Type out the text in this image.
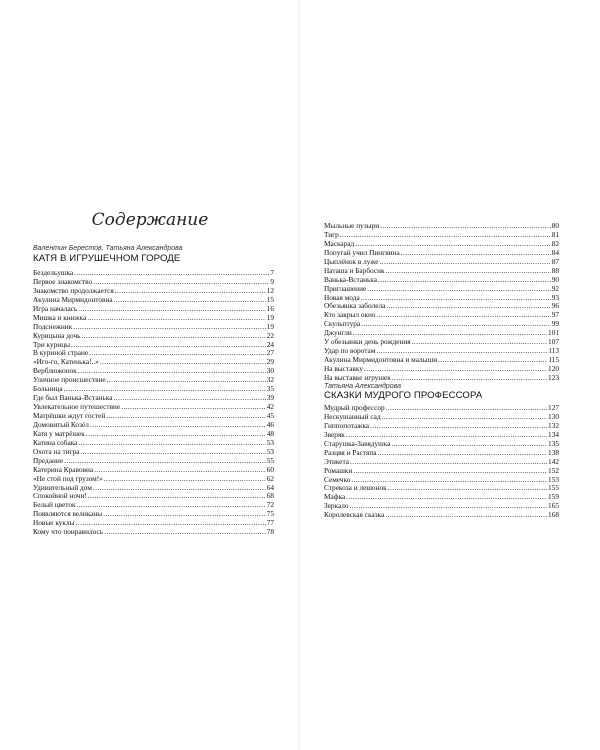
Содержание
Валентин Берестов, Татьяна Александрова
КАТЯ В ИГРУШЕЧНОМ ГОРОДЕ
Бездельушка .....	7
Первое знакомство .....	9
Знакомство продолжается .....	12
Акулина Мирмидонтовна .....	15
Игра началась .....	16
Мишка и книжка .....	19
Подснежник .....	19
Курицына дочь .....	22
Три курицы .....	24
В куриной стране .....	27
«Иго-го, Катенька!..» .....	29
Верблюжонок .....	30
Уличное происшествие .....	32
Больница .....	35
Где был Ванька-Встанька .....	39
Увлекательное путешествие .....	42
Матрёшки ждут гостей .....	45
Домовитый Козёл .....	46
Катя у матрёшек .....	48
Катина собака .....	53
Охота на тигра .....	53
Предание .....	55
Катерина Кравовна .....	60
«Не стой под грузом!» .....	62
Удивительный дом .....	64
Спокойной ночи! .....	68
Белый цветок .....	72
Появляются великаны .....	75
Новые куклы .....	77
Кому что понравилось .....	78
Мыльные пузыри .....	80
Тигр .....	81
Маскарад .....	82
Попугай учил Пингвина .....	84
Цыплёнок в луже .....	87
Наташа и Барбосик .....	88
Ванька-Встанька .....	90
Приглашение .....	92
Новая мода .....	93
Обезьянка заболела .....	96
Кто закрыл окно .....	97
Скульптура .....	99
Джунгли .....	101
У обезьянки день рождения .....	107
Удар по воротам .....	113
Акулина Мирмидонтовна и малыши .....	115
На выставку .....	120
На выставке игрушек .....	123
Татьяна Александрова
СКАЗКИ МУДРОГО ПРОФЕССОРА
Мудрый профессор .....	127
Нескушанный сад .....	130
Гиппопотажка .....	132
Зверяк .....	134
Старушка-Завядушка .....	135
Разцвя и Растяпа .....	138
Этикета .....	142
Ромашки .....	152
Семечко .....	153
Стрекоза и лешонок .....	155
Мафка .....	159
Зеркало .....	165
Королевская сказка .....	168
